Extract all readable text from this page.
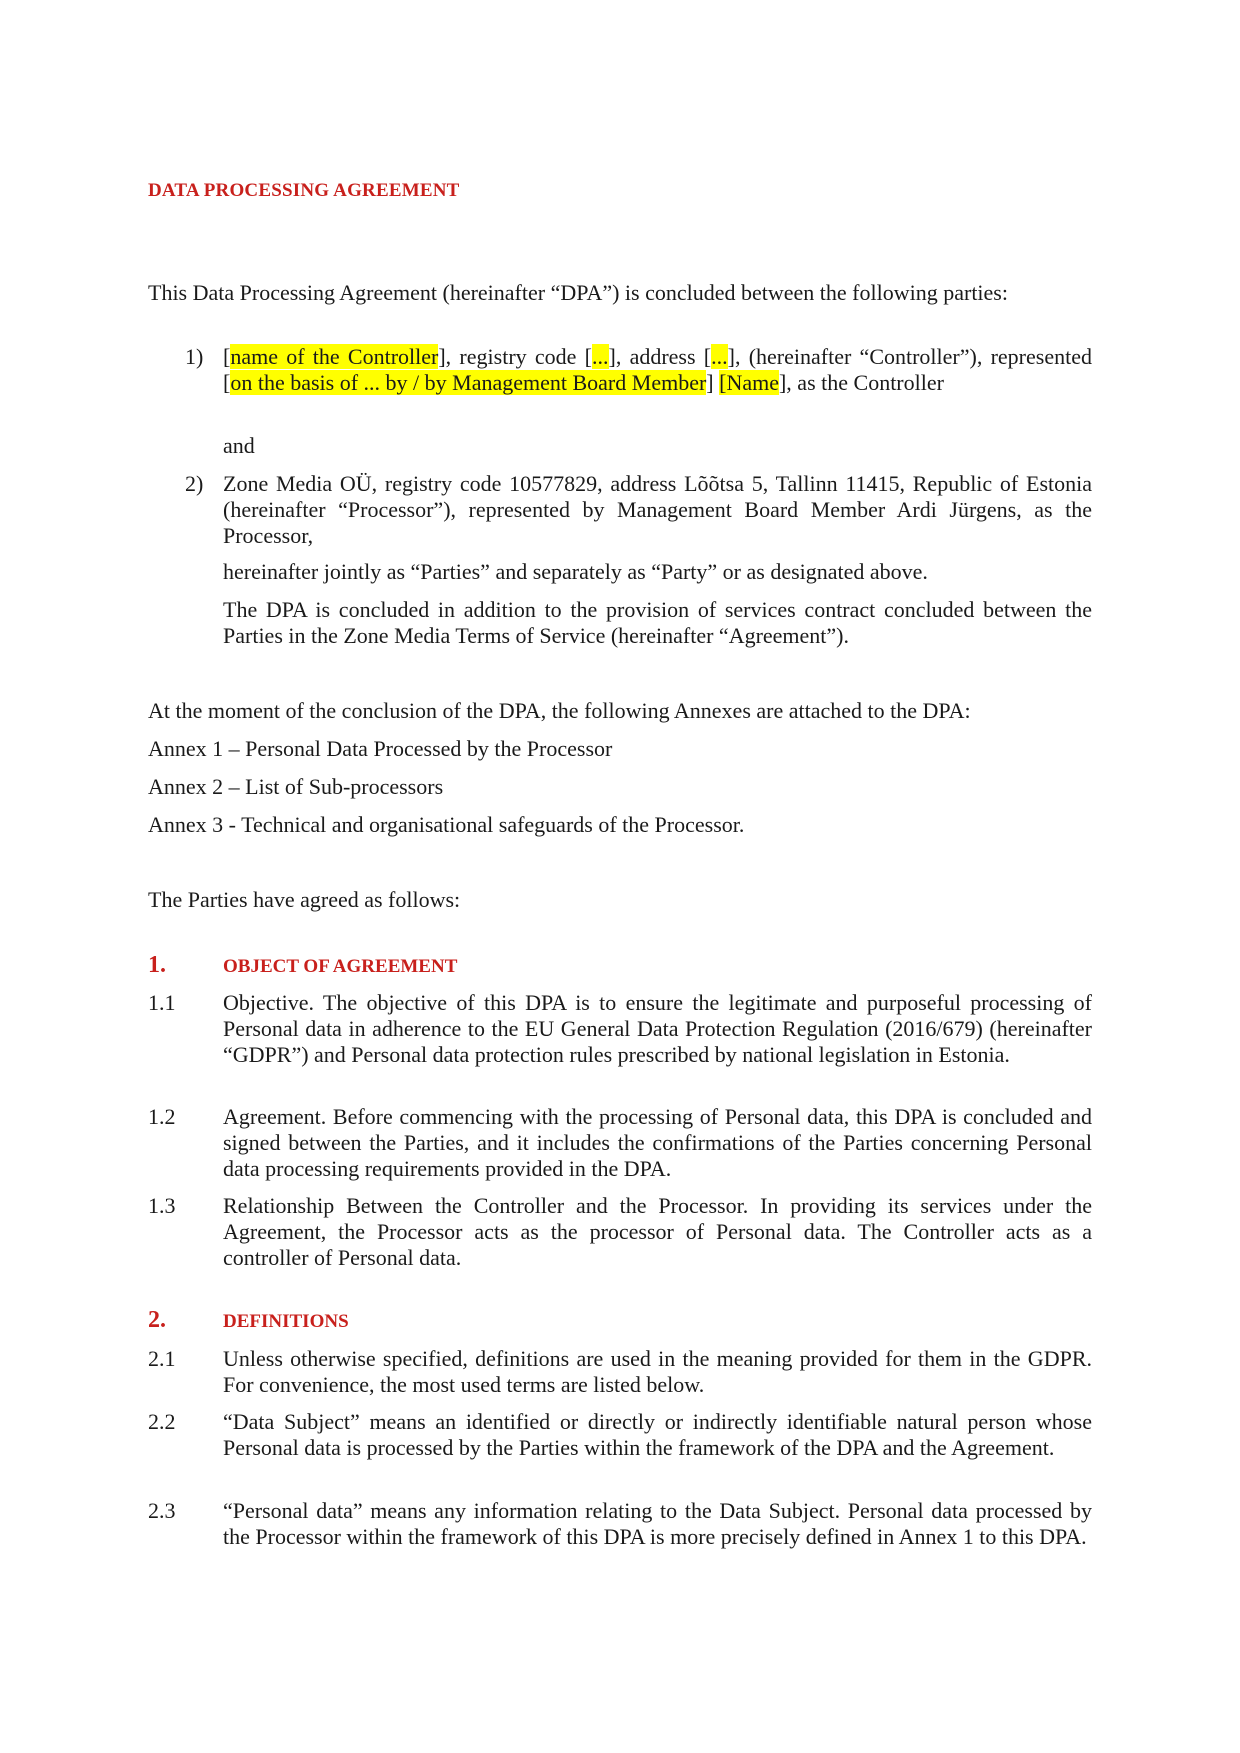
DATA PROCESSING AGREEMENT

This Data Processing Agreement (hereinafter “DPA”) is concluded between the following parties:

1) [name of the Controller], registry code [...], address [...], (hereinafter “Controller”), represented [on the basis of ... by / by Management Board Member] [Name], as the Controller

and

2) Zone Media OÜ, registry code 10577829, address Lõõtsa 5, Tallinn 11415, Republic of Estonia (hereinafter “Processor”), represented by Management Board Member Ardi Jürgens, as the Processor,

hereinafter jointly as “Parties” and separately as “Party” or as designated above.

The DPA is concluded in addition to the provision of services contract concluded between the Parties in the Zone Media Terms of Service (hereinafter “Agreement”).

At the moment of the conclusion of the DPA, the following Annexes are attached to the DPA:

Annex 1 – Personal Data Processed by the Processor

Annex 2 – List of Sub-processors

Annex 3 - Technical and organisational safeguards of the Processor.

The Parties have agreed as follows:

1.	OBJECT OF AGREEMENT
1.1 Objective. The objective of this DPA is to ensure the legitimate and purposeful processing of Personal data in adherence to the EU General Data Protection Regulation (2016/679) (hereinafter “GDPR”) and Personal data protection rules prescribed by national legislation in Estonia.

1.2 Agreement. Before commencing with the processing of Personal data, this DPA is concluded and signed between the Parties, and it includes the confirmations of the Parties concerning Personal data processing requirements provided in the DPA.

1.3 Relationship Between the Controller and the Processor. In providing its services under the Agreement, the Processor acts as the processor of Personal data. The Controller acts as a controller of Personal data.

2.	DEFINITIONS
2.1 Unless otherwise specified, definitions are used in the meaning provided for them in the GDPR. For convenience, the most used terms are listed below.

2.2 “Data Subject” means an identified or directly or indirectly identifiable natural person whose Personal data is processed by the Parties within the framework of the DPA and the Agreement.

2.3 “Personal data” means any information relating to the Data Subject. Personal data processed by the Processor within the framework of this DPA is more precisely defined in Annex 1 to this DPA.
